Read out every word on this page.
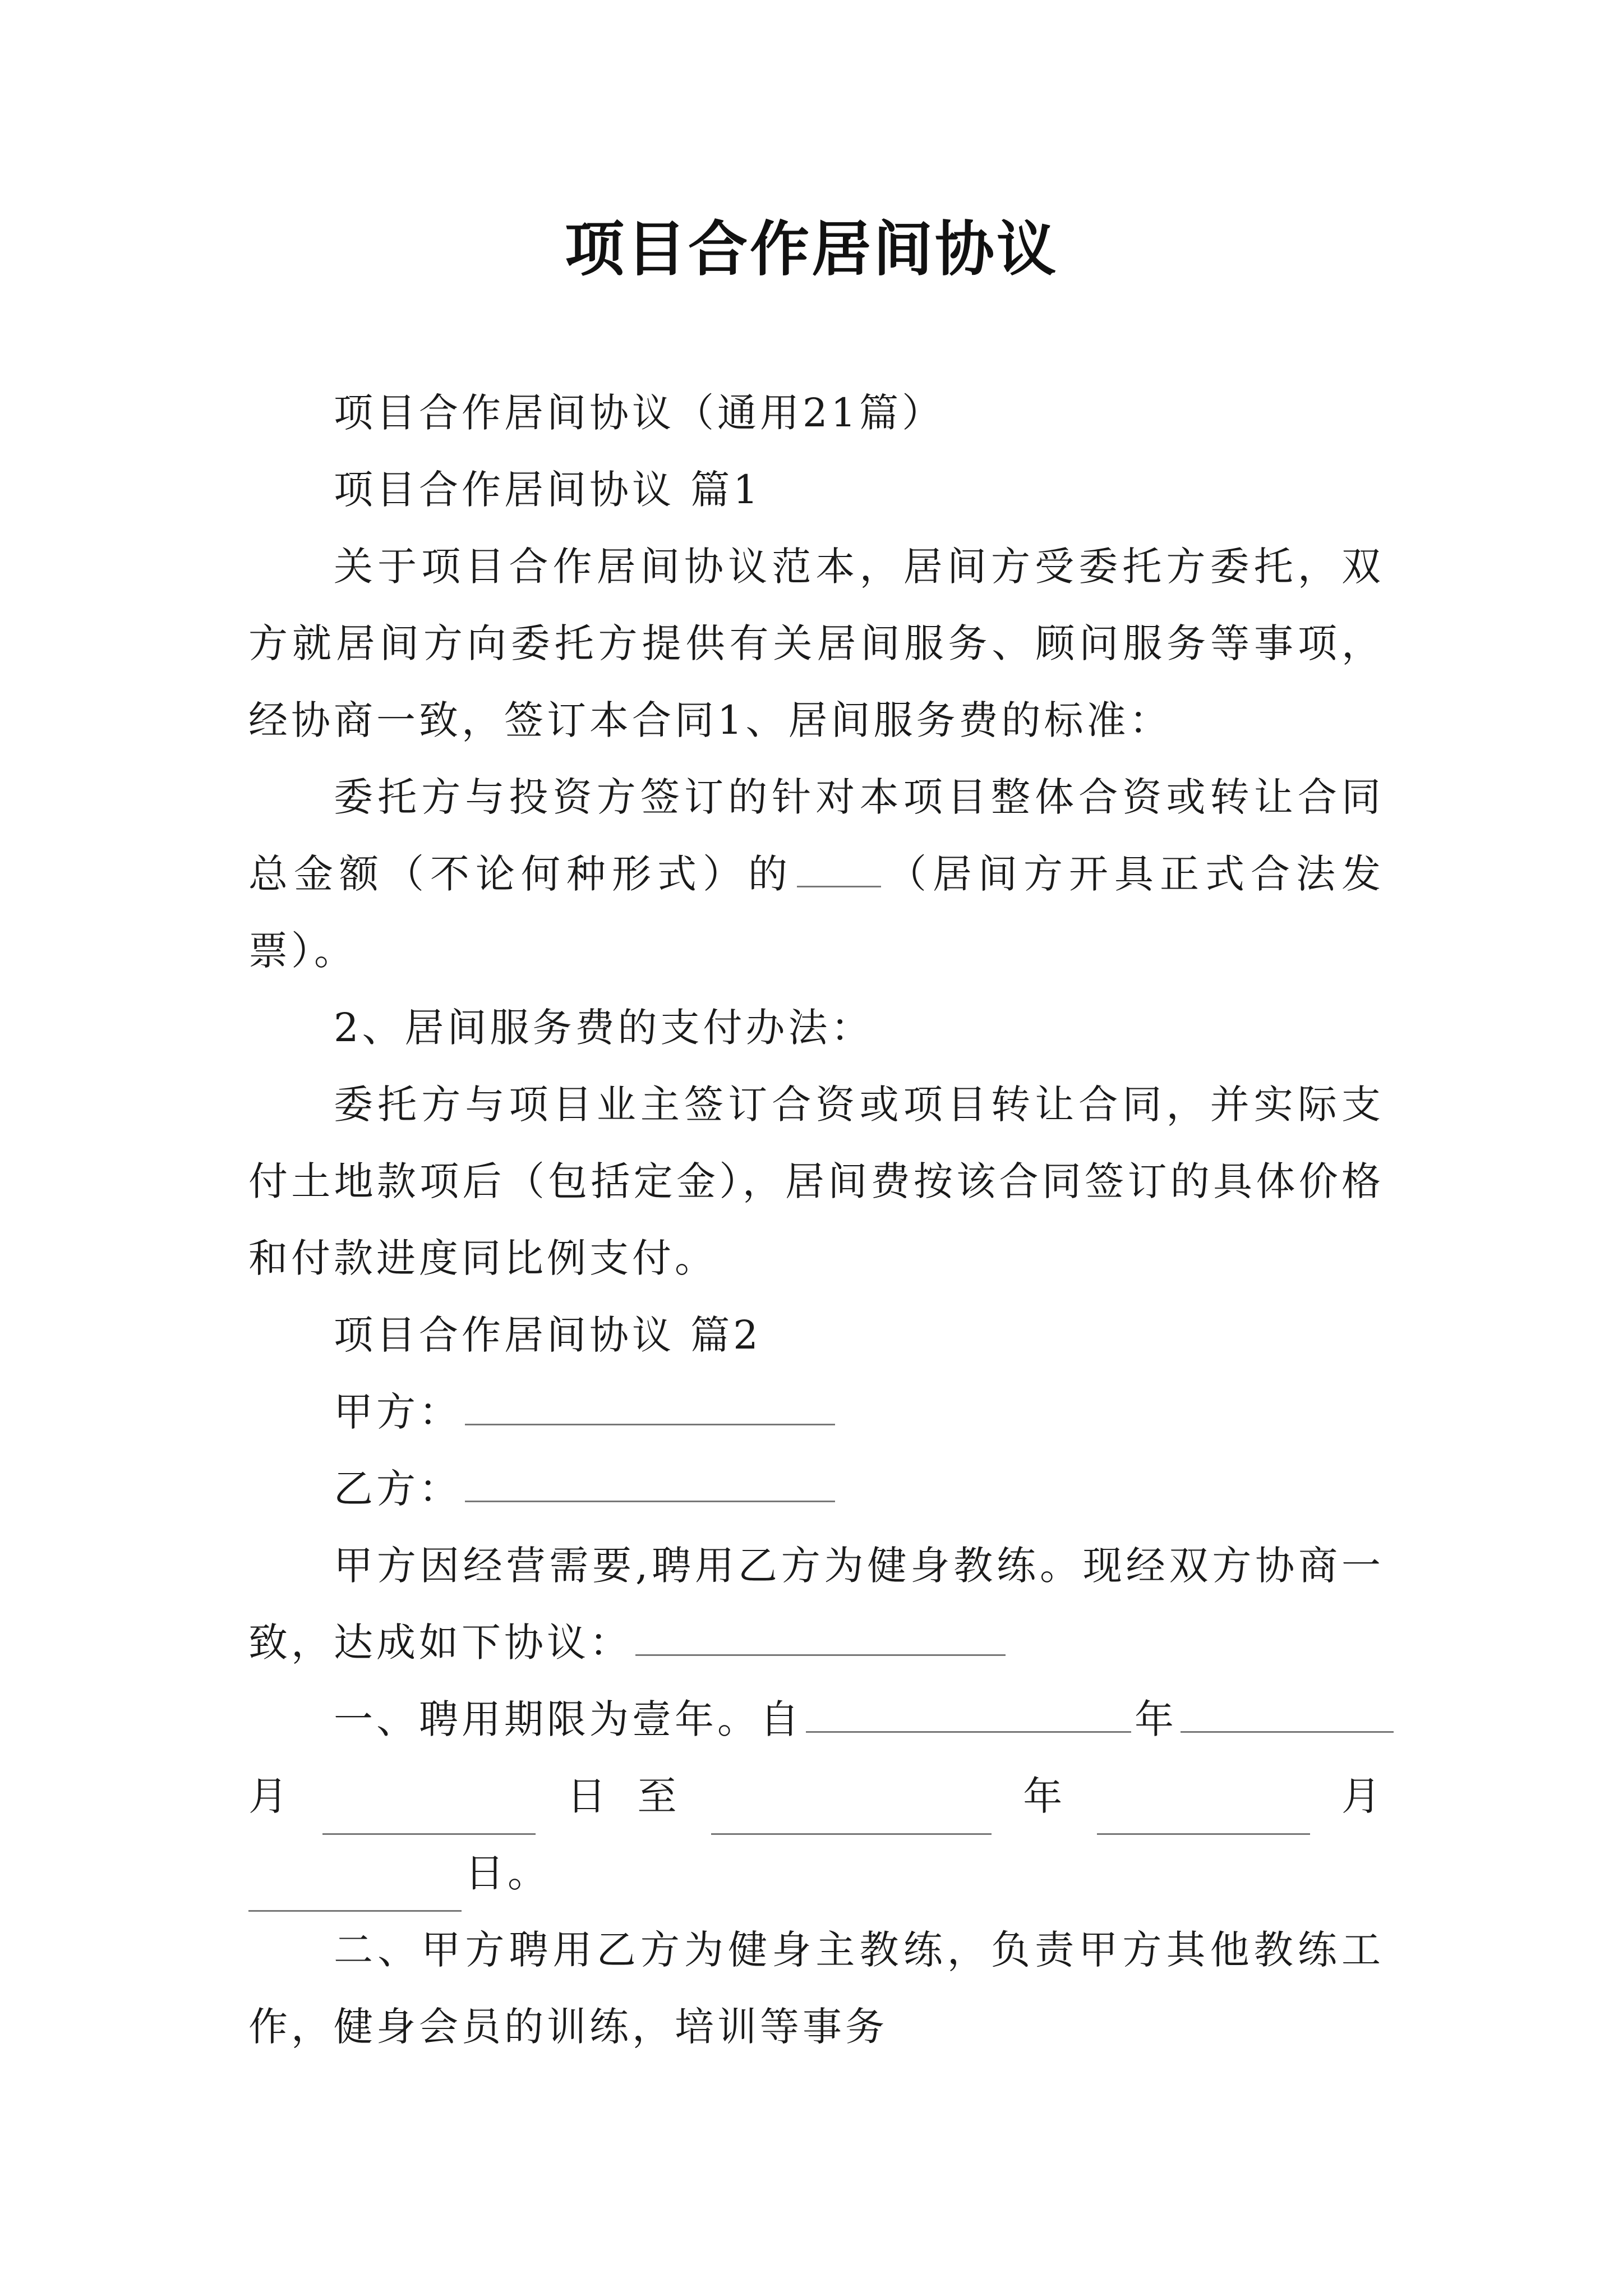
项目合作居间协议

项目合作居间协议（通用21篇）

项目合作居间协议 篇1

关于项目合作居间协议范本，居间方受委托方委托，双方就居间方向委托方提供有关居间服务、顾问服务等事项，经协商一致，签订本合同1、居间服务费的标准：

委托方与投资方签订的针对本项目整体合资或转让合同总金额（不论何种形式）的 （居间方开具正式合法发票）。

2、居间服务费的支付办法：

委托方与项目业主签订合资或项目转让合同，并实际支付土地款项后（包括定金），居间费按该合同签订的具体价格和付款进度同比例支付。

项目合作居间协议 篇2

甲方：

乙方：

甲方因经营需要,聘用乙方为健身教练。现经双方协商一致，达成如下协议：

一、聘用期限为壹年。自	年

月	日 至	年	月

日。

二、甲方聘用乙方为健身主教练，负责甲方其他教练工作，健身会员的训练，培训等事务
